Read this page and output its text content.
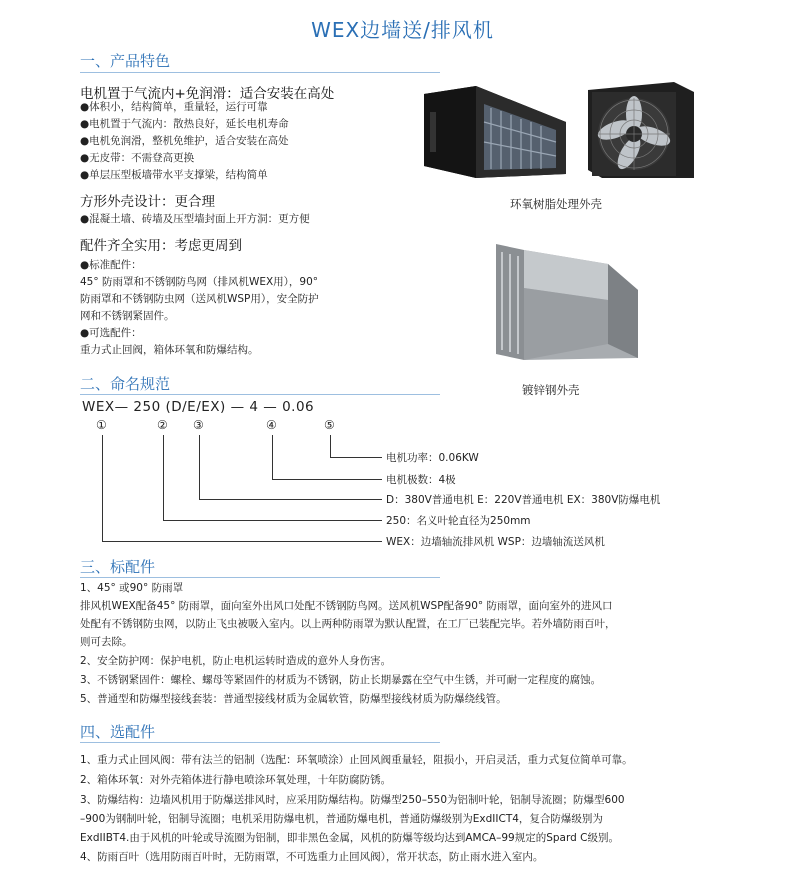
WEX边墙送/排风机
一、产品特色
电机置于气流内+免润滑：适合安装在高处
●体积小，结构简单，重量轻，运行可靠
●电机置于气流内：散热良好，延长电机寿命
●电机免润滑，整机免维护，适合安装在高处
●无皮带：不需登高更换
●单层压型板墙带水平支撑梁，结构简单
方形外壳设计：更合理
●混凝土墙、砖墙及压型墙封面上开方洞：更方便
配件齐全实用：考虑更周到
●标准配件：
45° 防雨罩和不锈钢防鸟网（排风机WEX用），90°
防雨罩和不锈钢防虫网（送风机WSP用），安全防护
网和不锈钢紧固件。
●可选配件：
重力式止回阀，箱体环氧和防爆结构。
环氧树脂处理外壳
镀锌钢外壳
二、命名规范
WEX— 250 (D/E/EX) — 4 — 0.06
①	② ③	④	⑤
电机功率：0.06KW
电机极数：4极
D：380V普通电机 E：220V普通电机 EX：380V防爆电机
250：名义叶轮直径为250mm
WEX：边墙轴流排风机 WSP：边墙轴流送风机
三、标配件
1、45° 或90° 防雨罩
排风机WEX配备45° 防雨罩，面向室外出风口处配不锈钢防鸟网。送风机WSP配备90° 防雨罩，面向室外的进风口
处配有不锈钢防虫网，以防止飞虫被吸入室内。以上两种防雨罩为默认配置，在工厂已装配完毕。若外墙防雨百叶，
则可去除。
2、安全防护网：保护电机，防止电机运转时造成的意外人身伤害。
3、不锈钢紧固件：螺栓、螺母等紧固件的材质为不锈钢，防止长期暴露在空气中生锈，并可耐一定程度的腐蚀。
5、普通型和防爆型接线套装：普通型接线材质为金属软管，防爆型接线材质为防爆绕线管。
四、选配件
1、重力式止回风阀：带有法兰的铝制（选配：环氧喷涂）止回风阀重量轻，阻损小，开启灵活，重力式复位简单可靠。
2、箱体环氧：对外壳箱体进行静电喷涂环氧处理，十年防腐防锈。
3、防爆结构：边墙风机用于防爆送排风时，应采用防爆结构。防爆型250–550为铝制叶轮，铝制导流圈；防爆型600
–900为钢制叶轮，铝制导流圈；电机采用防爆电机，普通防爆电机，普通防爆级别为ExdIICT4，复合防爆级别为
ExdIIBT4.由于风机的叶轮或导流圈为铝制，即非黑色金属，风机的防爆等级均达到AMCA–99规定的Spard C级别。
4、防雨百叶（选用防雨百叶时，无防雨罩，不可选重力止回风阀），常开状态，防止雨水进入室内。
